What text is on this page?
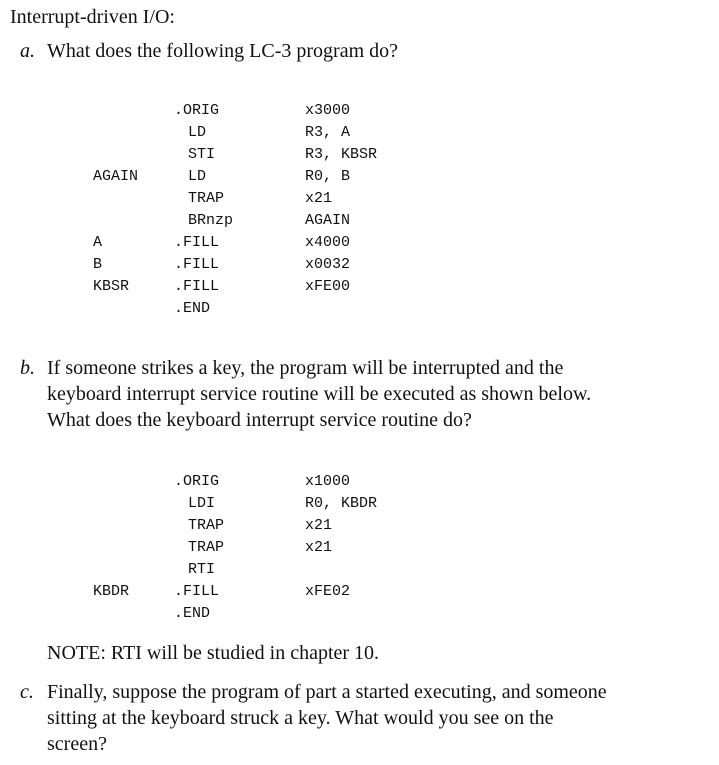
Interrupt-driven I/O:
a. What does the following LC-3 program do?
.ORIG	x3000
LD	R3, A
STI	R3, KBSR
AGAIN	LD	R0, B
TRAP	x21
BRnzp	AGAIN
A	.FILL	x4000
B	.FILL	x0032
KBSR	.FILL	xFE00
.END
b. If someone strikes a key, the program will be interrupted and the
keyboard interrupt service routine will be executed as shown below.
What does the keyboard interrupt service routine do?
.ORIG	x1000
LDI	R0, KBDR
TRAP	x21
TRAP	x21
RTI
KBDR	.FILL	xFE02
.END
NOTE: RTI will be studied in chapter 10.
c. Finally, suppose the program of part a started executing, and someone
sitting at the keyboard struck a key. What would you see on the
screen?
